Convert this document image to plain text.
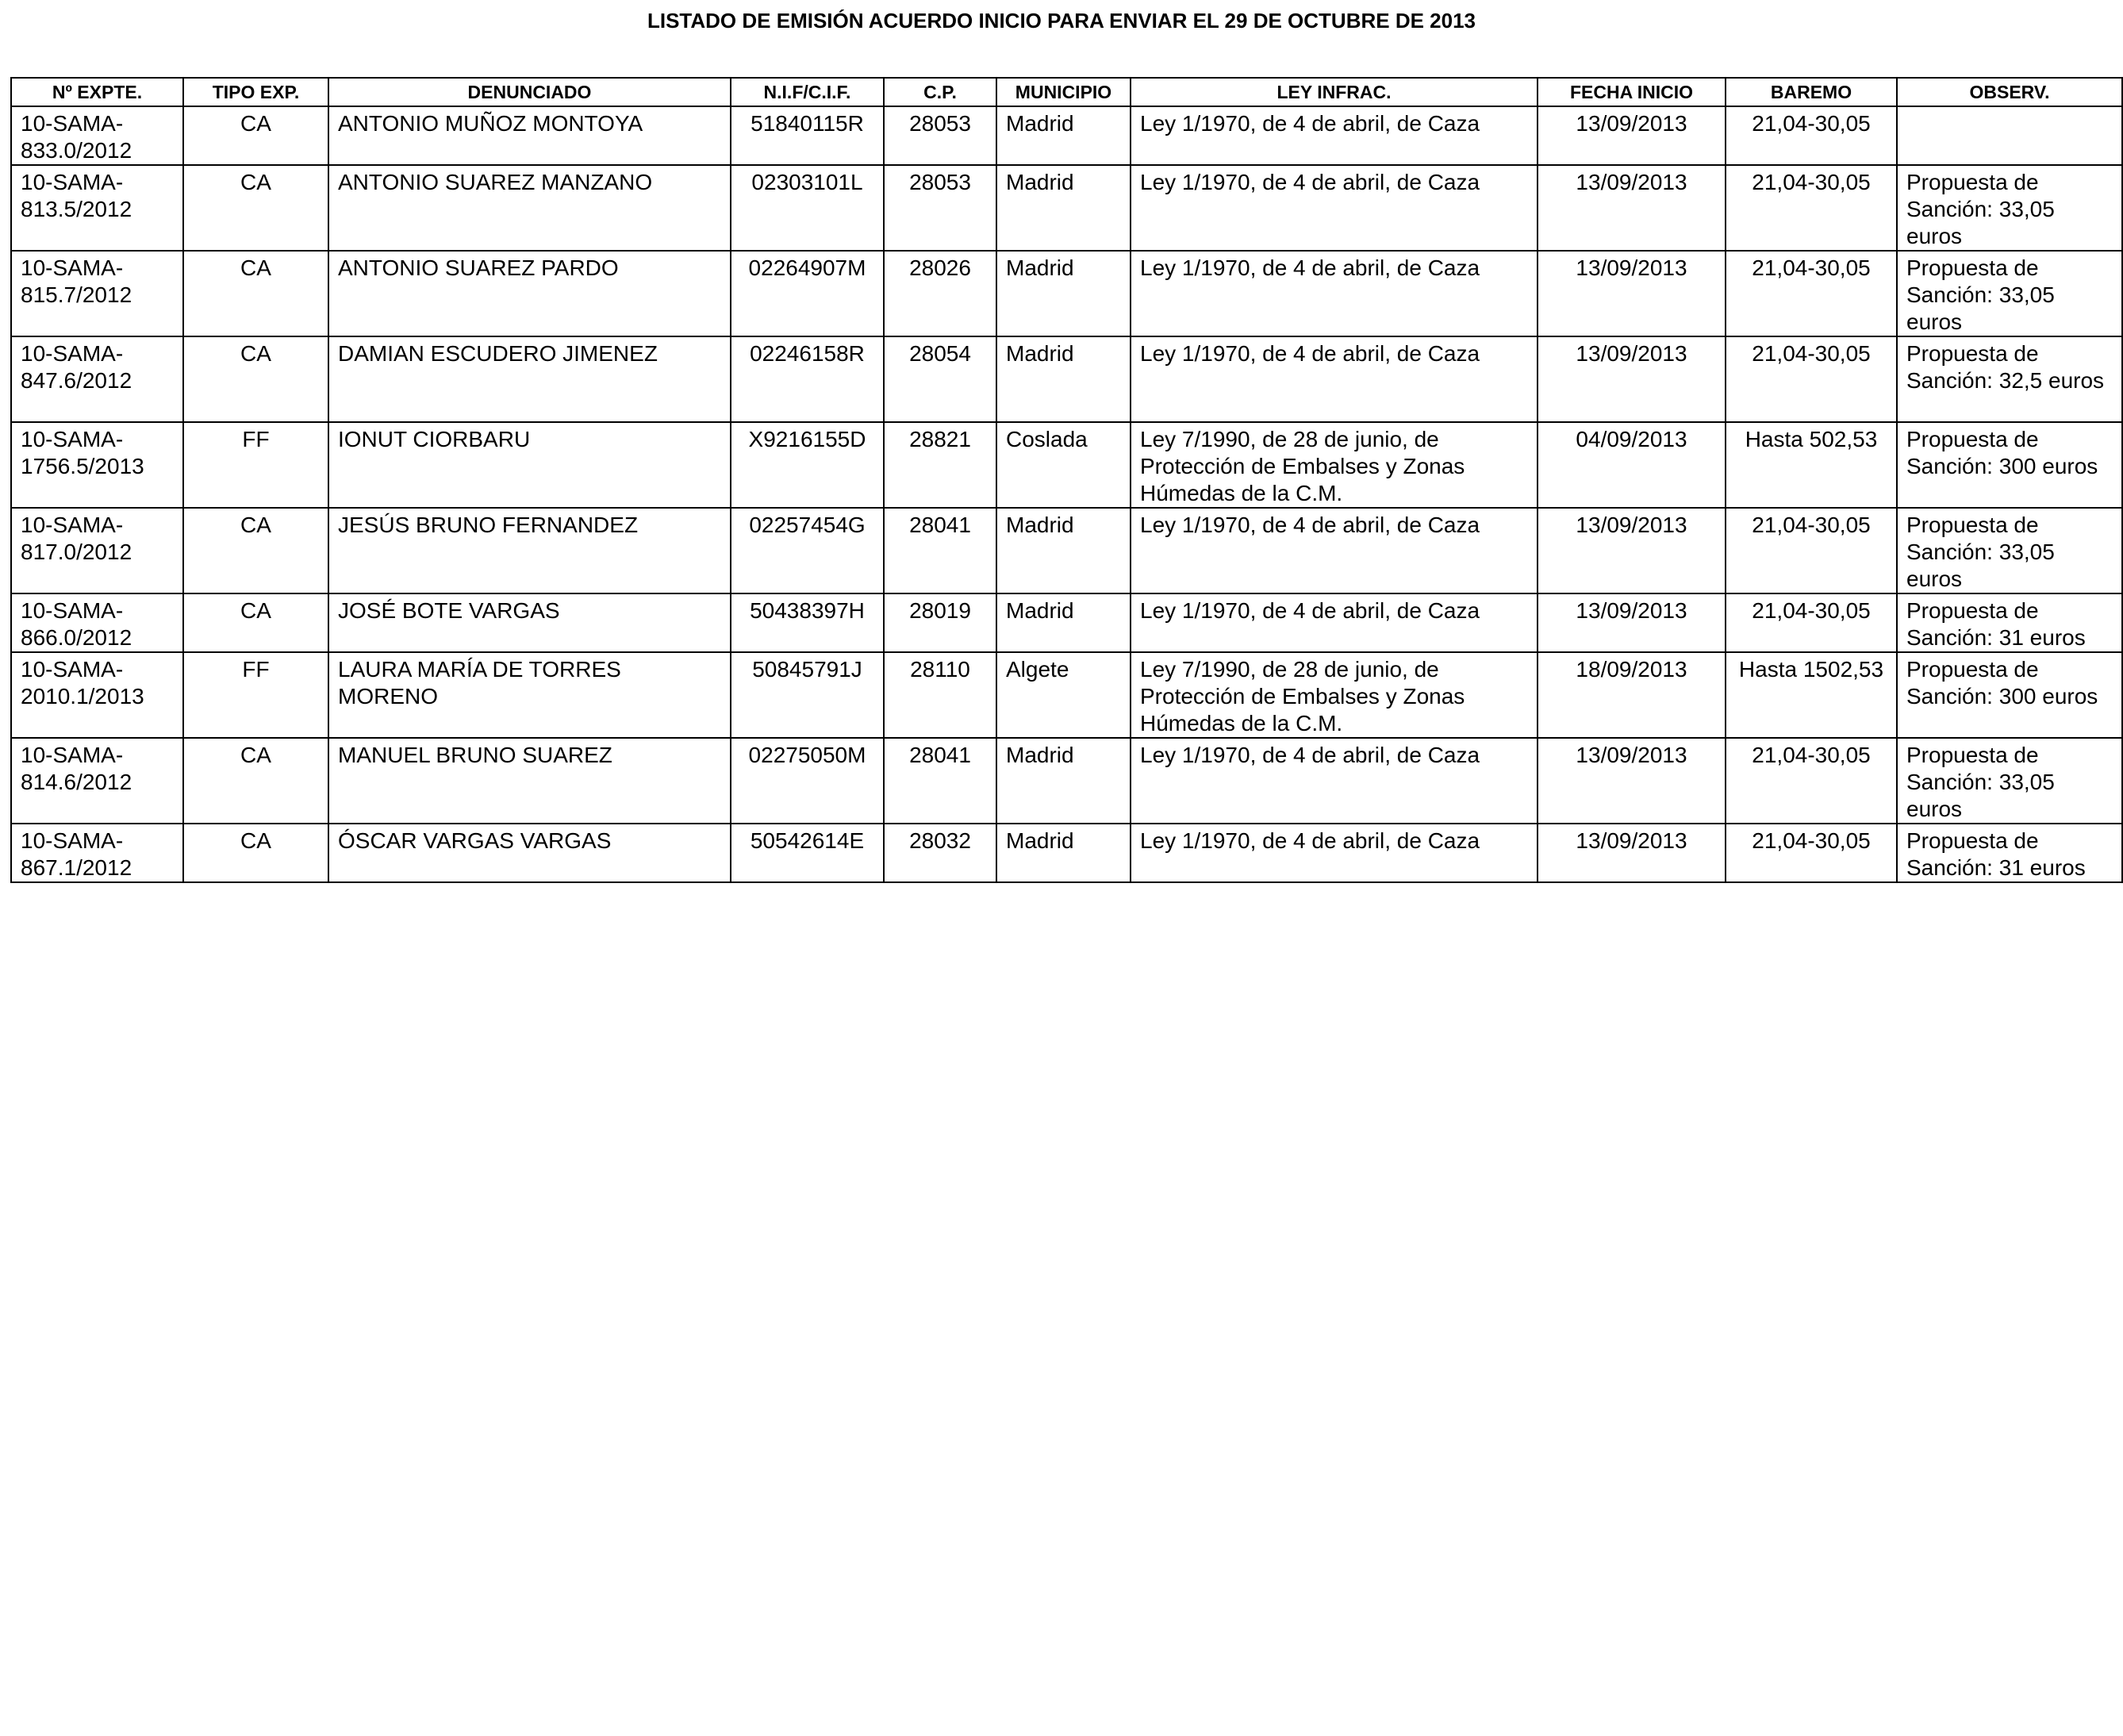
LISTADO DE EMISIÓN ACUERDO INICIO PARA ENVIAR EL 29 DE OCTUBRE DE 2013
Nº EXPTE.	TIPO EXP.	DENUNCIADO	N.I.F/C.I.F.	C.P.	MUNICIPIO	LEY INFRAC.	FECHA INICIO	BAREMO	OBSERV.
10-SAMA-833.0/2012	CA	ANTONIO MUÑOZ MONTOYA	51840115R	28053	Madrid	Ley 1/1970, de 4 de abril, de Caza	13/09/2013	21,04-30,05	
10-SAMA-813.5/2012	CA	ANTONIO SUAREZ MANZANO	02303101L	28053	Madrid	Ley 1/1970, de 4 de abril, de Caza	13/09/2013	21,04-30,05	Propuesta de Sanción: 33,05 euros
10-SAMA-815.7/2012	CA	ANTONIO SUAREZ PARDO	02264907M	28026	Madrid	Ley 1/1970, de 4 de abril, de Caza	13/09/2013	21,04-30,05	Propuesta de Sanción: 33,05 euros
10-SAMA-847.6/2012	CA	DAMIAN ESCUDERO JIMENEZ	02246158R	28054	Madrid	Ley 1/1970, de 4 de abril, de Caza	13/09/2013	21,04-30,05	Propuesta de Sanción: 32,5 euros
10-SAMA-1756.5/2013	FF	IONUT CIORBARU	X9216155D	28821	Coslada	Ley 7/1990, de 28 de junio, de Protección de Embalses y Zonas Húmedas de la C.M.	04/09/2013	Hasta 502,53	Propuesta de Sanción: 300 euros
10-SAMA-817.0/2012	CA	JESÚS BRUNO FERNANDEZ	02257454G	28041	Madrid	Ley 1/1970, de 4 de abril, de Caza	13/09/2013	21,04-30,05	Propuesta de Sanción: 33,05 euros
10-SAMA-866.0/2012	CA	JOSÉ BOTE VARGAS	50438397H	28019	Madrid	Ley 1/1970, de 4 de abril, de Caza	13/09/2013	21,04-30,05	Propuesta de Sanción: 31 euros
10-SAMA-2010.1/2013	FF	LAURA MARÍA DE TORRES MORENO	50845791J	28110	Algete	Ley 7/1990, de 28 de junio, de Protección de Embalses y Zonas Húmedas de la C.M.	18/09/2013	Hasta 1502,53	Propuesta de Sanción: 300 euros
10-SAMA-814.6/2012	CA	MANUEL BRUNO SUAREZ	02275050M	28041	Madrid	Ley 1/1970, de 4 de abril, de Caza	13/09/2013	21,04-30,05	Propuesta de Sanción: 33,05 euros
10-SAMA-867.1/2012	CA	ÓSCAR VARGAS VARGAS	50542614E	28032	Madrid	Ley 1/1970, de 4 de abril, de Caza	13/09/2013	21,04-30,05	Propuesta de Sanción: 31 euros
